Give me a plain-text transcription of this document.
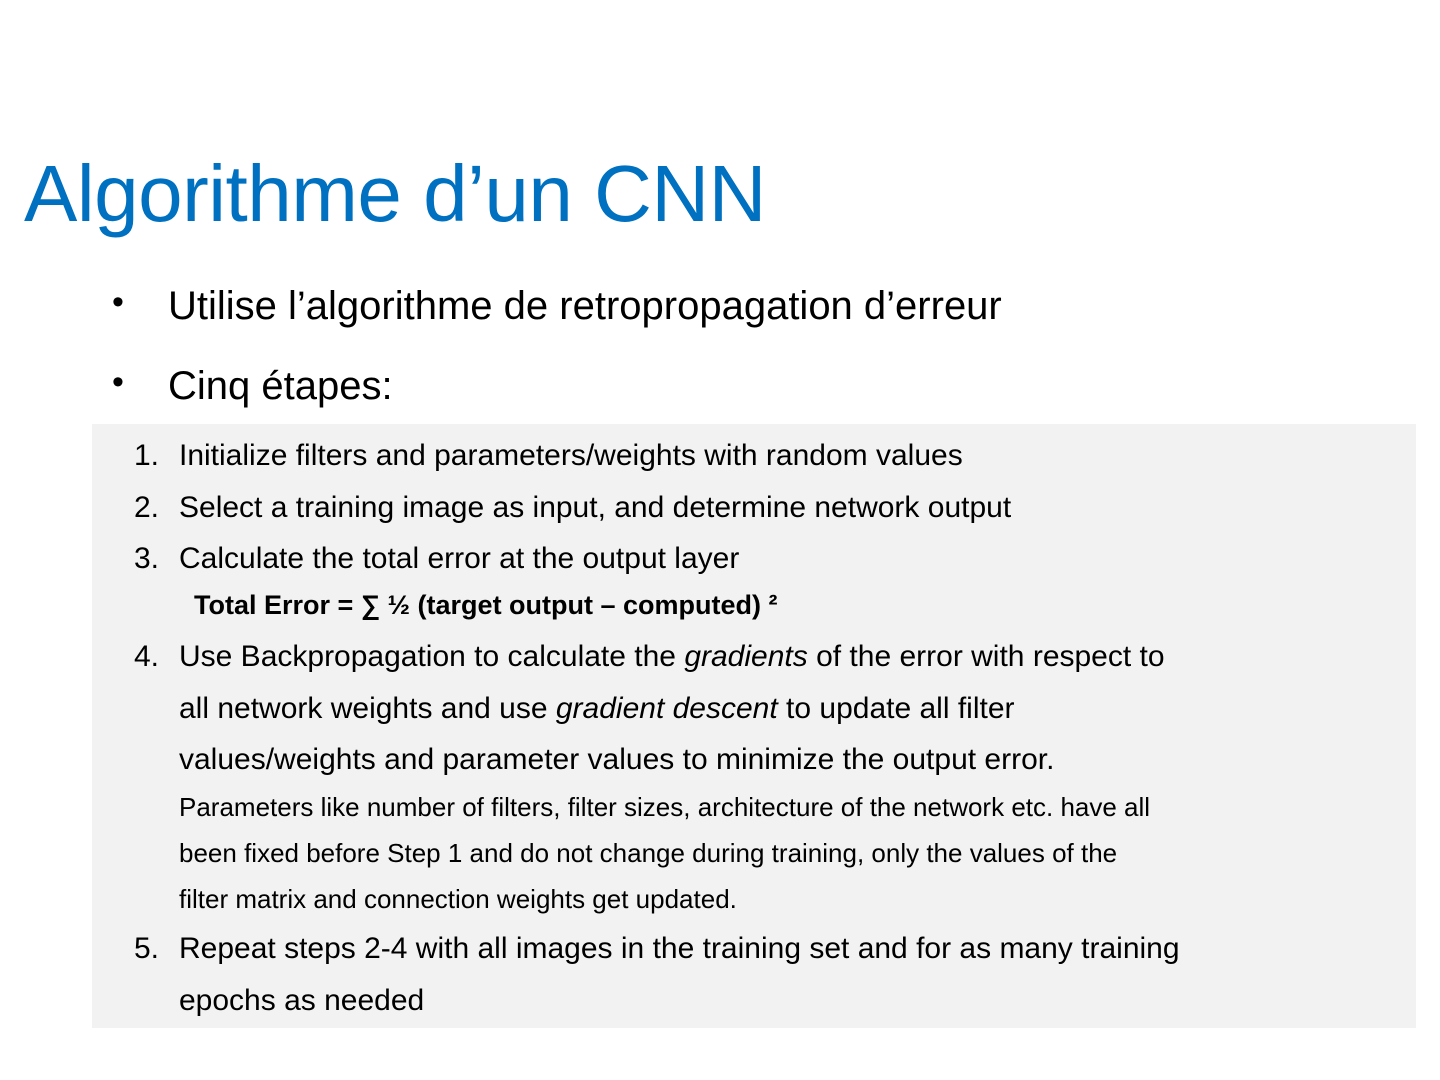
Algorithme d’un CNN
• Utilise l’algorithme de retropropagation d’erreur
• Cinq étapes:
1. Initialize filters and parameters/weights with random values
2. Select a training image as input, and determine network output
3. Calculate the total error at the output layer
Total Error = ∑ ½ (target output – computed) ²
4. Use Backpropagation to calculate the gradients of the error with respect to
all network weights and use gradient descent to update all filter
values/weights and parameter values to minimize the output error.
Parameters like number of filters, filter sizes, architecture of the network etc. have all
been fixed before Step 1 and do not change during training, only the values of the
filter matrix and connection weights get updated.
5. Repeat steps 2-4 with all images in the training set and for as many training
epochs as needed
